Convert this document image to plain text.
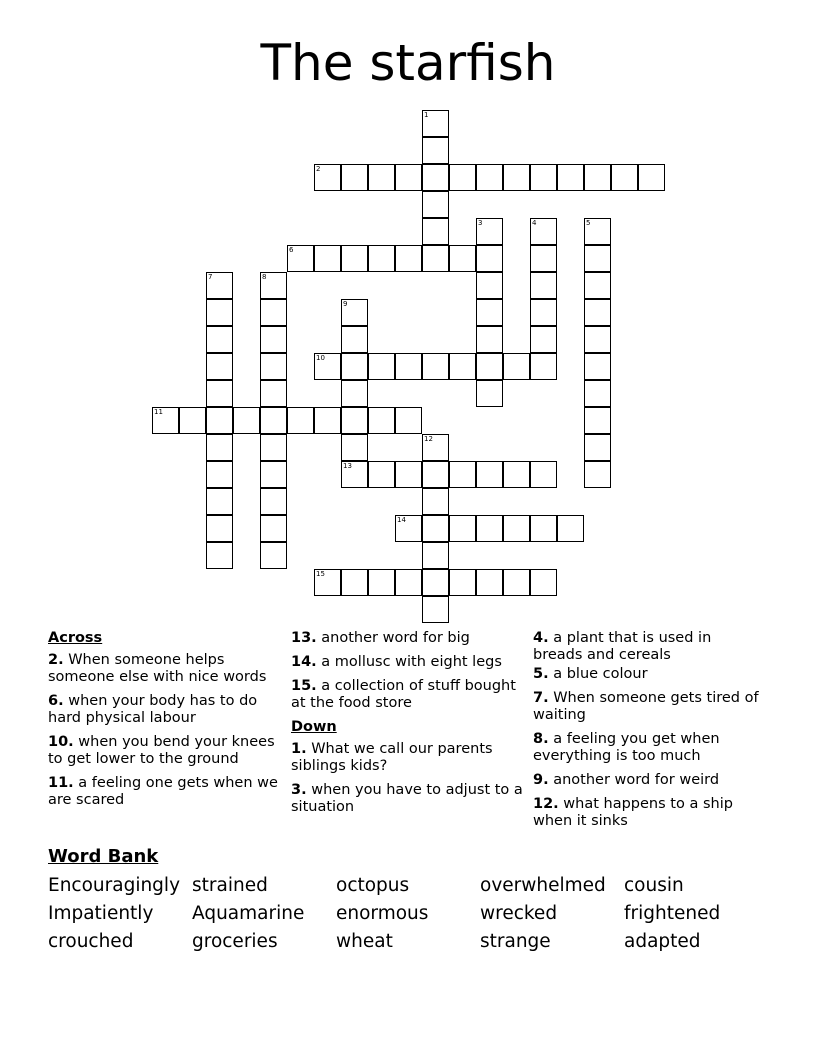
The starfish
1
2
3	4	5
6
7	8
9
10
11
12
13
14
15
Across
2. When someone helps someone else with nice words
6. when your body has to do hard physical labour
10. when you bend your knees to get lower to the ground
11. a feeling one gets when we are scared
13. another word for big
14. a mollusc with eight legs
15. a collection of stuff bought at the food store
Down
1. What we call our parents siblings kids?
3. when you have to adjust to a situation
4. a plant that is used in breads and cereals
5. a blue colour
7. When someone gets tired of waiting
8. a feeling you get when everything is too much
9. another word for weird
12. what happens to a ship when it sinks
Word Bank
Encouragingly strained	octopus	overwhelmed cousin
Impatiently Aquamarine enormous	wrecked	frightened
crouched	groceries	wheat	strange	adapted
